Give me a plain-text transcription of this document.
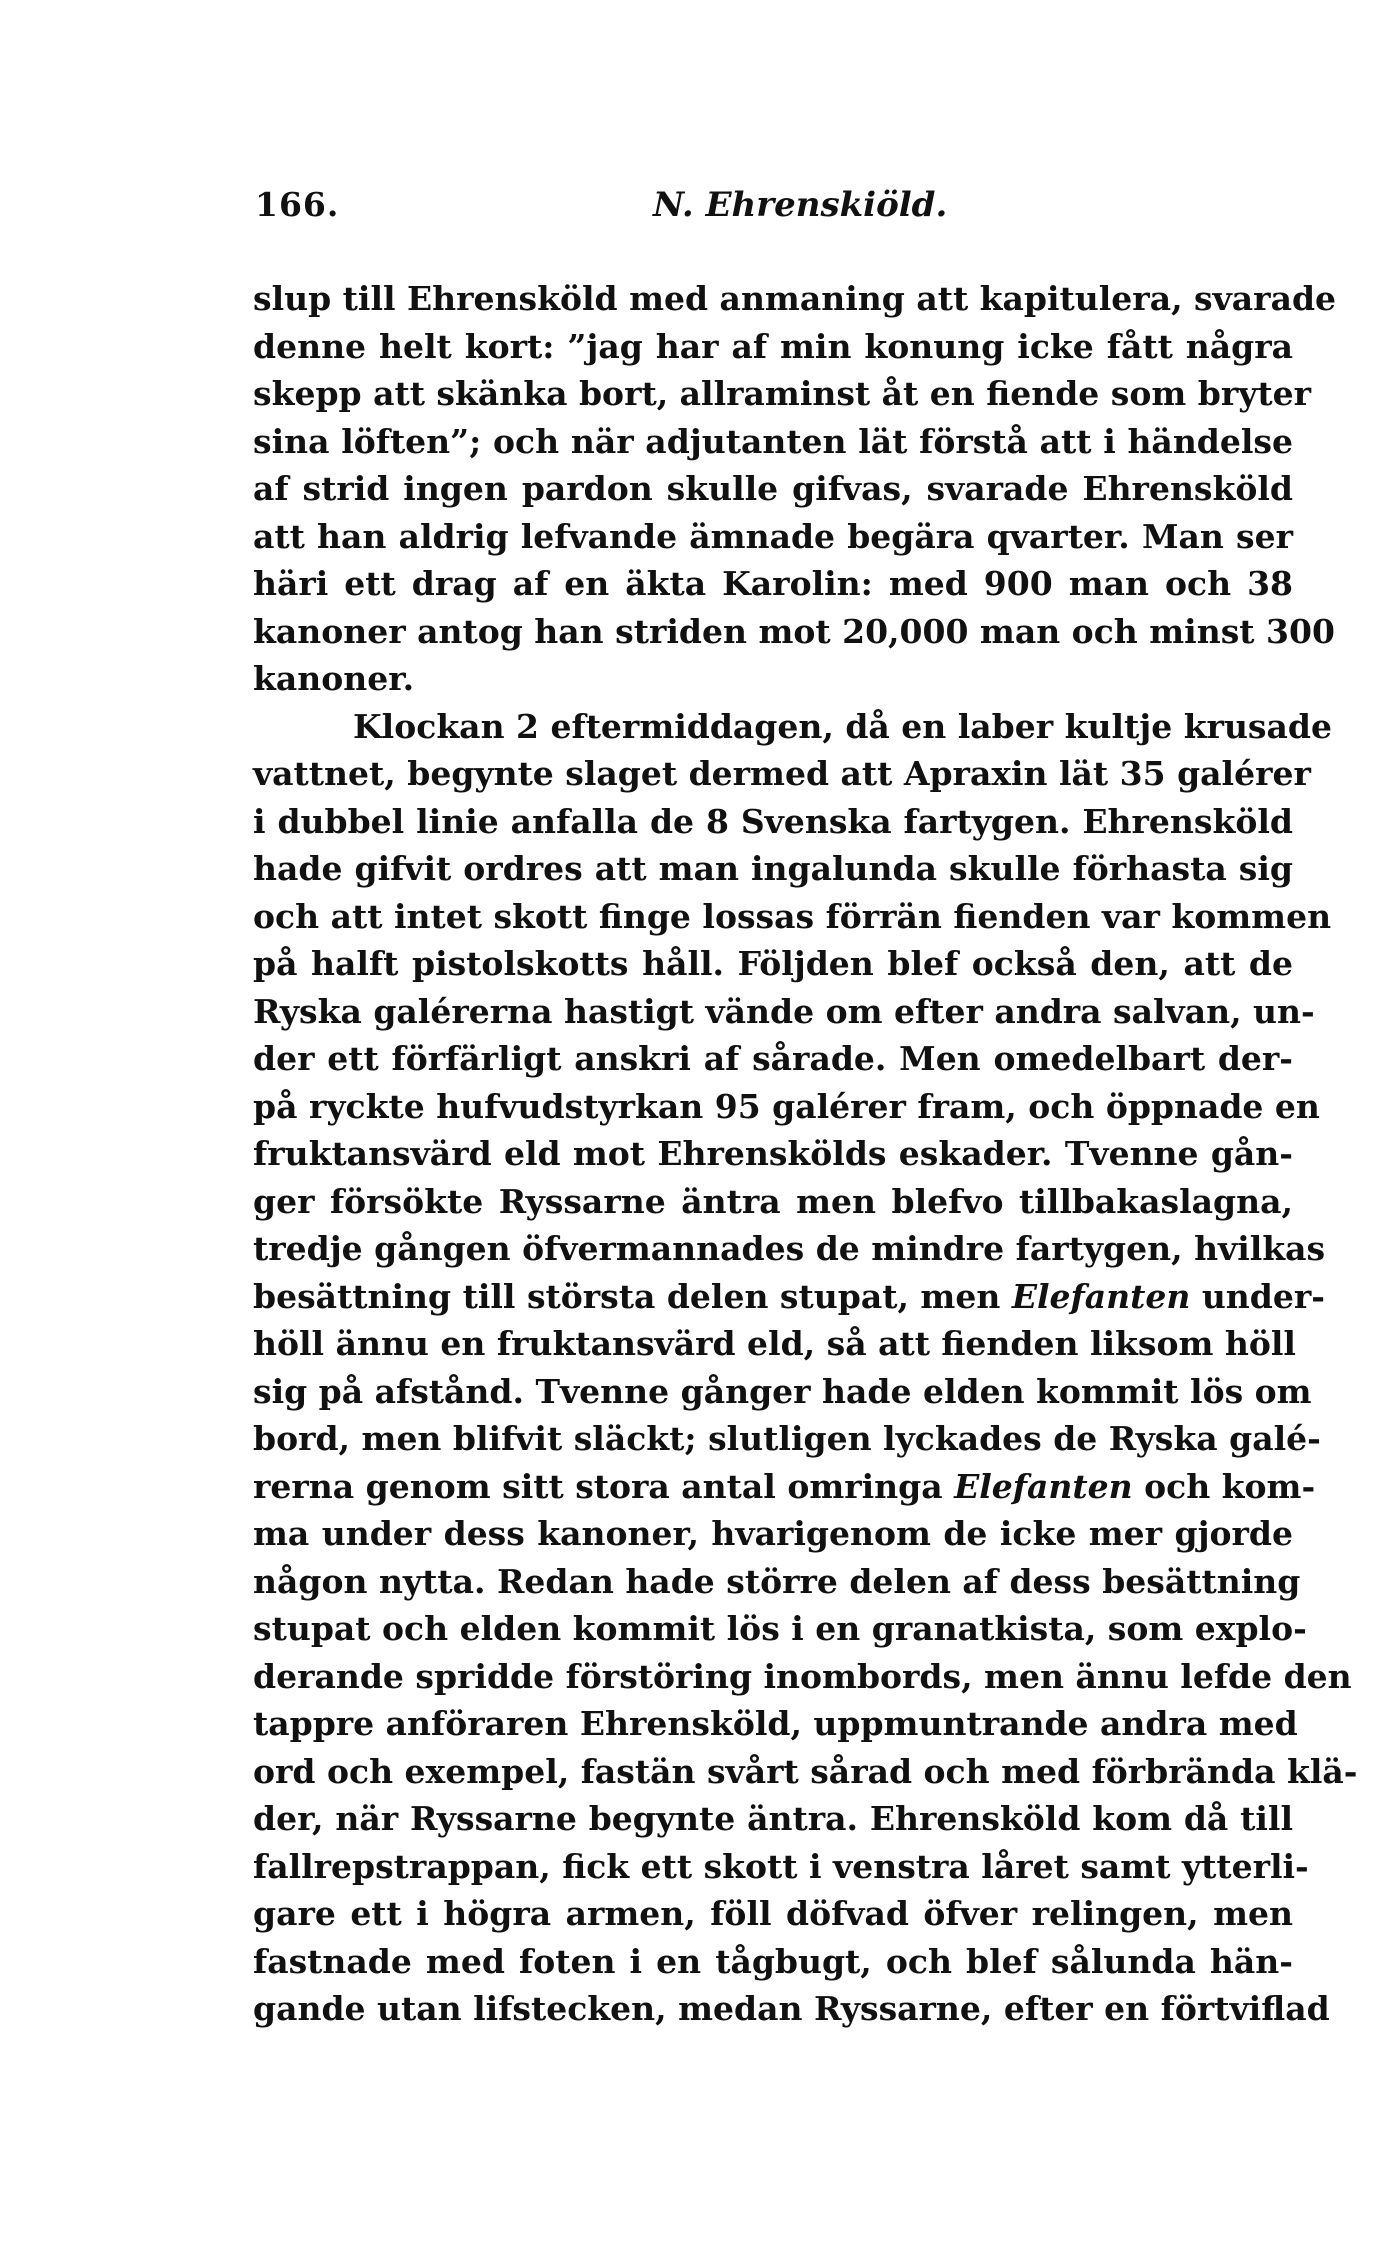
166.	N. Ehrenskiöld.
slup till Ehrensköld med anmaning att kapitulera, svarade
denne helt kort: ”jag har af min konung icke fått några
skepp att skänka bort, allraminst åt en fiende som bryter
sina löften”; och när adjutanten lät förstå att i händelse
af strid ingen pardon skulle gifvas, svarade Ehrensköld
att han aldrig lefvande ämnade begära qvarter. Man ser
häri ett drag af en äkta Karolin: med 900 man och 38
kanoner antog han striden mot 20,000 man och minst 300
kanoner.
Klockan 2 eftermiddagen, då en laber kultje krusade
vattnet, begynte slaget dermed att Apraxin lät 35 galérer
i dubbel linie anfalla de 8 Svenska fartygen. Ehrensköld
hade gifvit ordres att man ingalunda skulle förhasta sig
och att intet skott finge lossas förrän fienden var kommen
på halft pistolskotts håll. Följden blef också den, att de
Ryska galérerna hastigt vände om efter andra salvan, un-
der ett förfärligt anskri af sårade. Men omedelbart der-
på ryckte hufvudstyrkan 95 galérer fram, och öppnade en
fruktansvärd eld mot Ehrenskölds eskader. Tvenne gån-
ger försökte Ryssarne äntra men blefvo tillbakaslagna,
tredje gången öfvermannades de mindre fartygen, hvilkas
besättning till största delen stupat, men Elefanten under-
höll ännu en fruktansvärd eld, så att fienden liksom höll
sig på afstånd. Tvenne gånger hade elden kommit lös om
bord, men blifvit släckt; slutligen lyckades de Ryska galé-
rerna genom sitt stora antal omringa Elefanten och kom-
ma under dess kanoner, hvarigenom de icke mer gjorde
någon nytta. Redan hade större delen af dess besättning
stupat och elden kommit lös i en granatkista, som explo-
derande spridde förstöring inombords, men ännu lefde den
tappre anföraren Ehrensköld, uppmuntrande andra med
ord och exempel, fastän svårt sårad och med förbrända klä-
der, när Ryssarne begynte äntra. Ehrensköld kom då till
fallrepstrappan, fick ett skott i venstra låret samt ytterli-
gare ett i högra armen, föll döfvad öfver relingen, men
fastnade med foten i en tågbugt, och blef sålunda hän-
gande utan lifstecken, medan Ryssarne, efter en förtviflad
